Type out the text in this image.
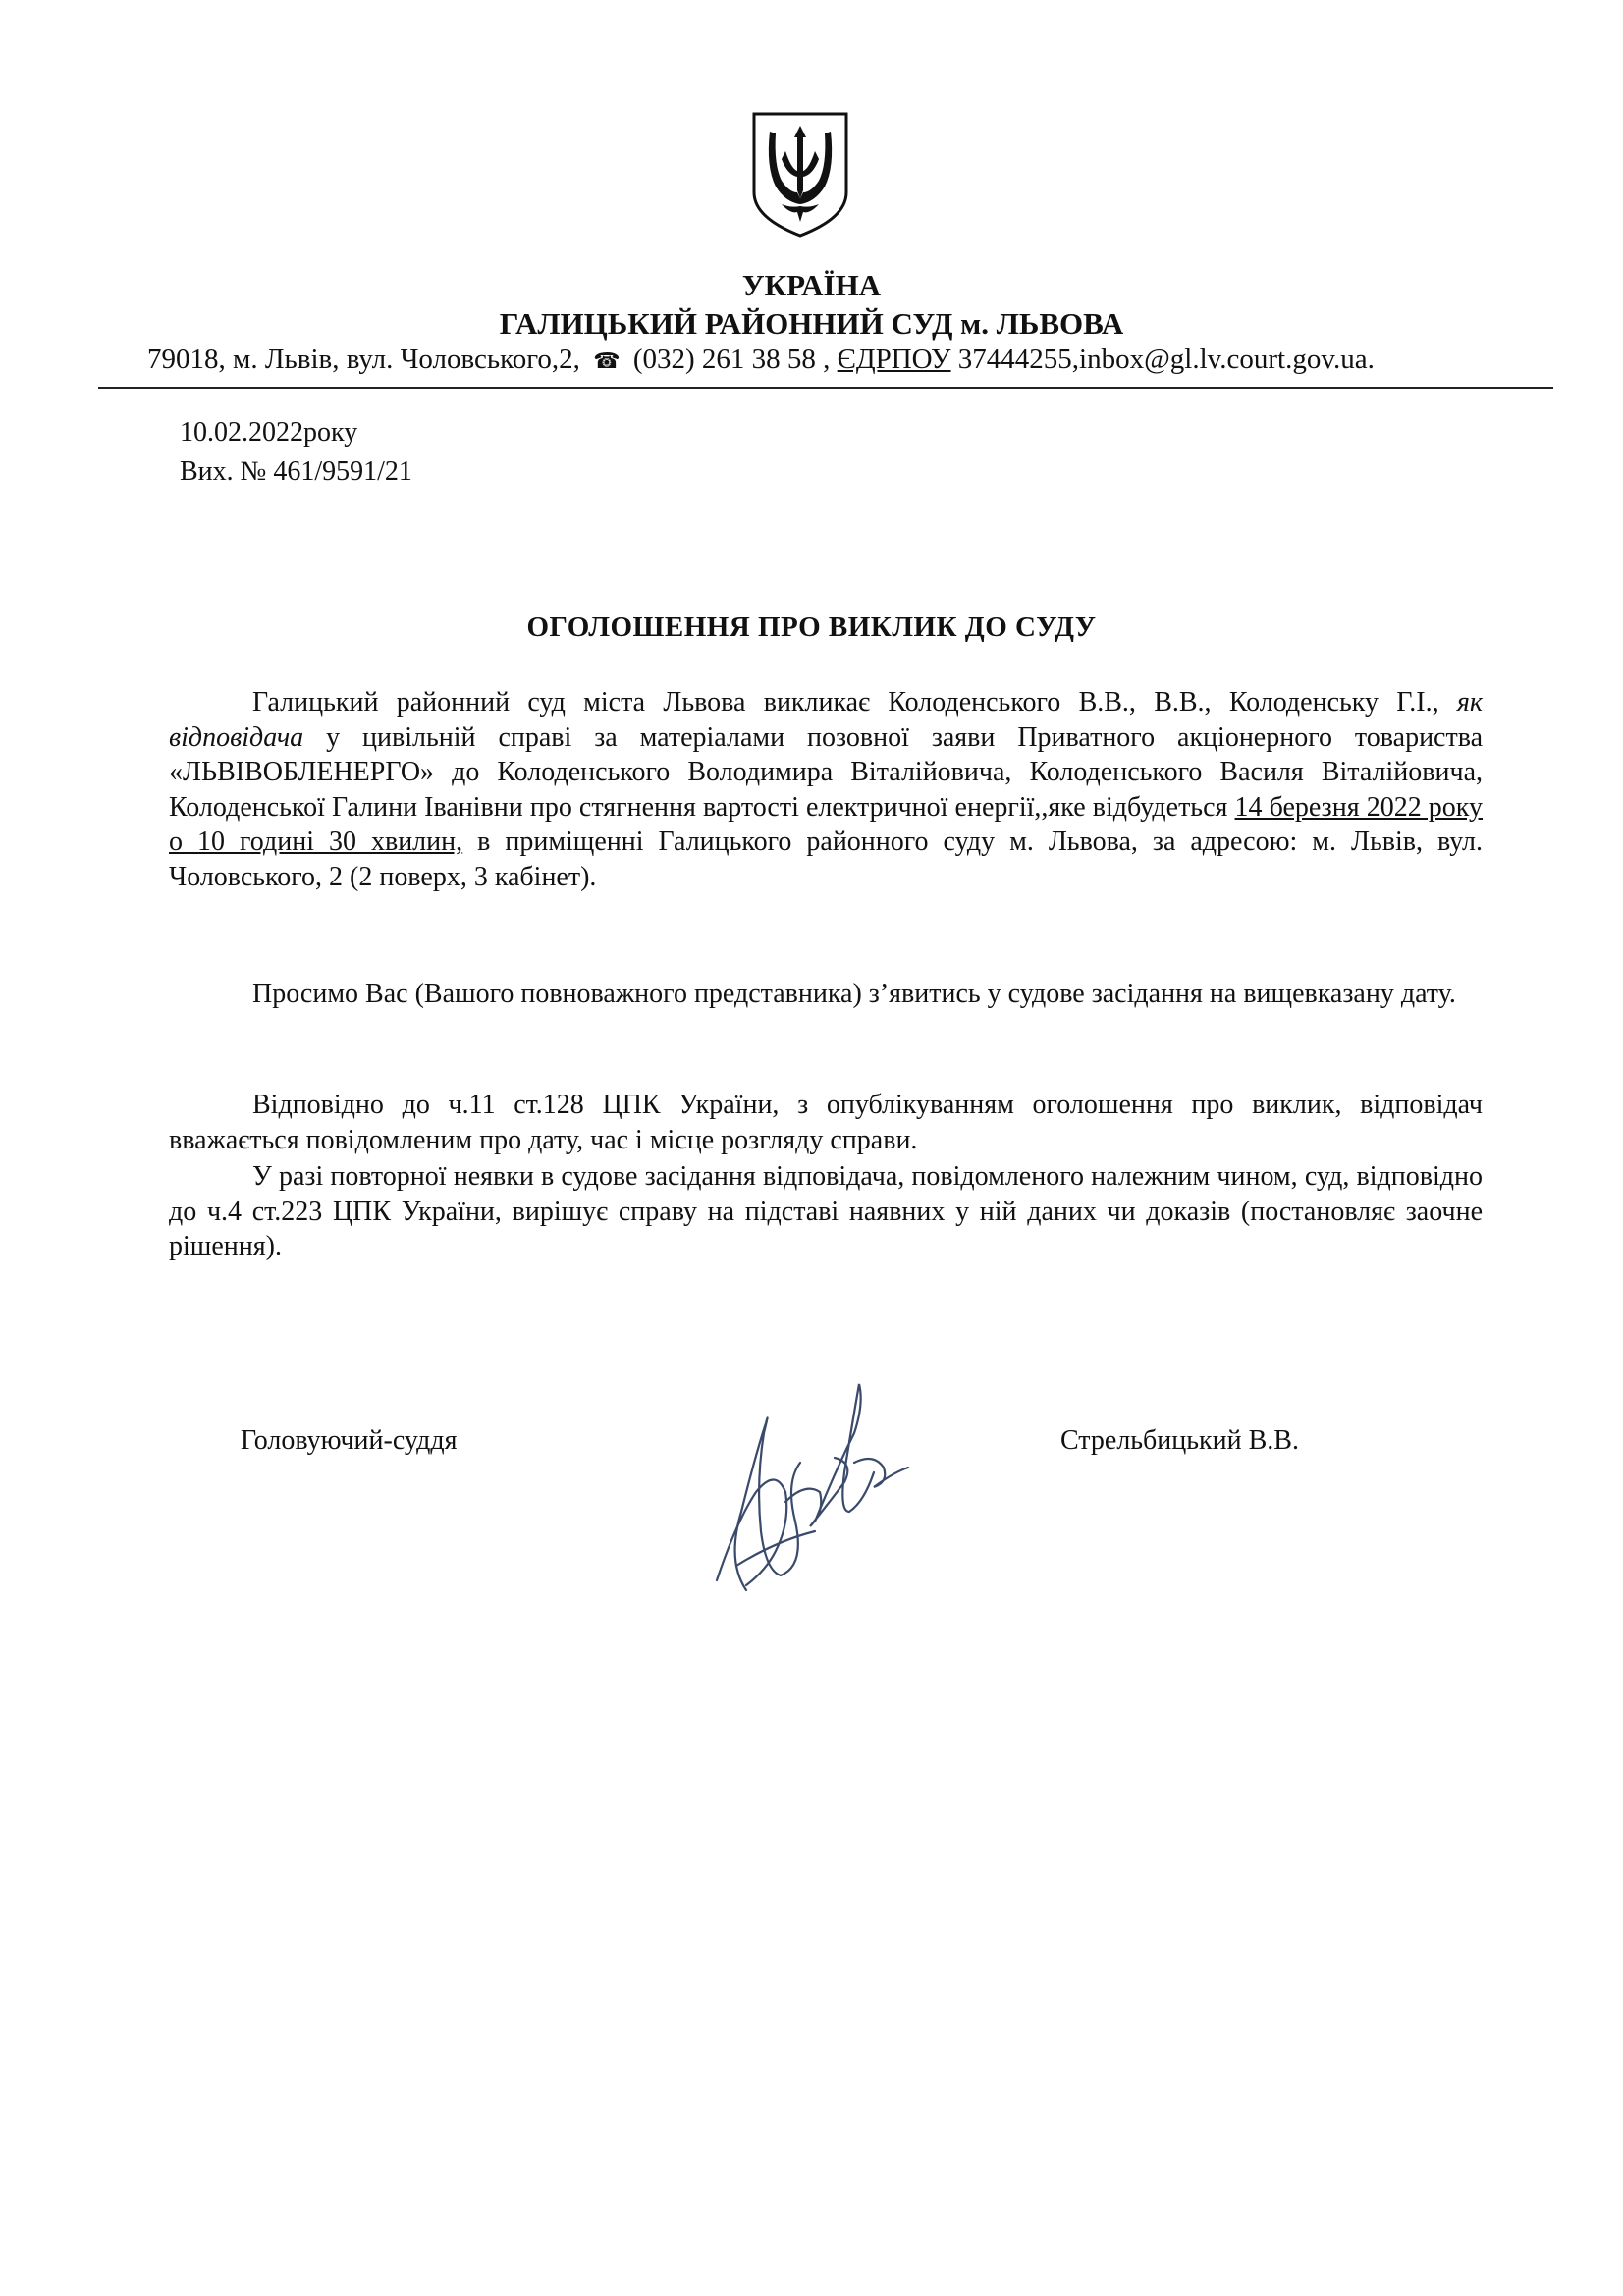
УКРАЇНА
ГАЛИЦЬКИЙ РАЙОННИЙ СУД м. ЛЬВОВА
79018, м. Львів, вул. Чоловського,2, ☎ (032) 261 38 58 , ЄДРПОУ 37444255,inbox@gl.lv.court.gov.ua.
10.02.2022року
Вих. № 461/9591/21
ОГОЛОШЕННЯ ПРО ВИКЛИК ДО СУДУ

Галицький районний суд міста Львова викликає Колоденського В.В., В.В., Колоденську Г.І., як відповідача у цивільній справі за матеріалами позовної заяви Приватного акціонерного товариства «ЛЬВІВОБЛЕНЕРГО» до Колоденського Володимира Віталійовича, Колоденського Василя Віталійовича, Колоденської Галини Іванівни про стягнення вартості електричної енергії,,яке відбудеться 14 березня 2022 року о 10 годині 30 хвилин, в приміщенні Галицького районного суду м. Львова, за адресою: м. Львів, вул. Чоловського, 2 (2 поверх, 3 кабінет).

Просимо Вас (Вашого повноважного представника) з’явитись у судове засідання на вищевказану дату.

Відповідно до ч.11 ст.128 ЦПК України, з опублікуванням оголошення про виклик, відповідач вважається повідомленим про дату, час і місце розгляду справи.

У разі повторної неявки в судове засідання відповідача, повідомленого належним чином, суд, відповідно до ч.4 ст.223 ЦПК України, вирішує справу на підставі наявних у ній даних чи доказів (постановляє заочне рішення).

Головуючий-суддя	Стрельбицький В.В.
